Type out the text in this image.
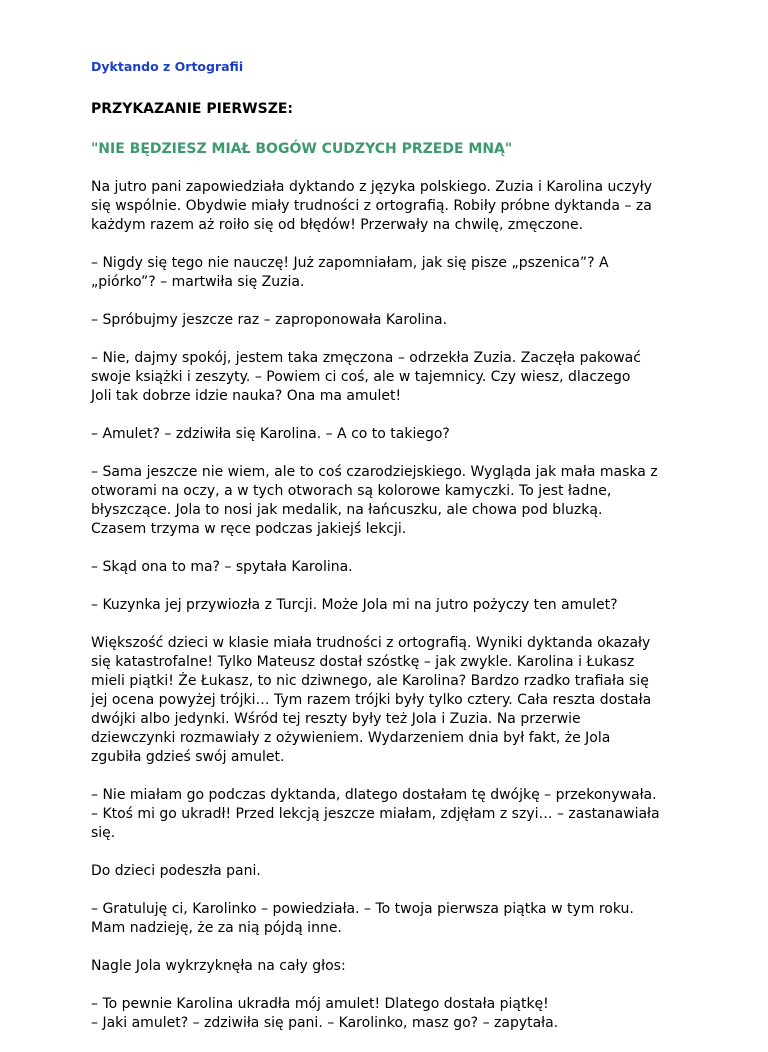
Dyktando z Ortografii
PRZYKAZANIE PIERWSZE:
"NIE BĘDZIESZ MIAŁ BOGÓW CUDZYCH PRZEDE MNĄ"
Na jutro pani zapowiedziała dyktando z języka polskiego. Zuzia i Karolina uczyły
się wspólnie. Obydwie miały trudności z ortografią. Robiły próbne dyktanda – za
każdym razem aż roiło się od błędów! Przerwały na chwilę, zmęczone.
– Nigdy się tego nie nauczę! Już zapomniałam, jak się pisze „pszenica”? A
„piórko”? – martwiła się Zuzia.
– Spróbujmy jeszcze raz – zaproponowała Karolina.
– Nie, dajmy spokój, jestem taka zmęczona – odrzekła Zuzia. Zaczęła pakować
swoje książki i zeszyty. – Powiem ci coś, ale w tajemnicy. Czy wiesz, dlaczego
Joli tak dobrze idzie nauka? Ona ma amulet!
– Amulet? – zdziwiła się Karolina. – A co to takiego?
– Sama jeszcze nie wiem, ale to coś czarodziejskiego. Wygląda jak mała maska z
otworami na oczy, a w tych otworach są kolorowe kamyczki. To jest ładne,
błyszczące. Jola to nosi jak medalik, na łańcuszku, ale chowa pod bluzką.
Czasem trzyma w ręce podczas jakiejś lekcji.
– Skąd ona to ma? – spytała Karolina.
– Kuzynka jej przywiozła z Turcji. Może Jola mi na jutro pożyczy ten amulet?
Większość dzieci w klasie miała trudności z ortografią. Wyniki dyktanda okazały
się katastrofalne! Tylko Mateusz dostał szóstkę – jak zwykle. Karolina i Łukasz
mieli piątki! Że Łukasz, to nic dziwnego, ale Karolina? Bardzo rzadko trafiała się
jej ocena powyżej trójki… Tym razem trójki były tylko cztery. Cała reszta dostała
dwójki albo jedynki. Wśród tej reszty były też Jola i Zuzia. Na przerwie
dziewczynki rozmawiały z ożywieniem. Wydarzeniem dnia był fakt, że Jola
zgubiła gdzieś swój amulet.
– Nie miałam go podczas dyktanda, dlatego dostałam tę dwójkę – przekonywała.
– Ktoś mi go ukradł! Przed lekcją jeszcze miałam, zdjęłam z szyi… – zastanawiała
się.
Do dzieci podeszła pani.
– Gratuluję ci, Karolinko – powiedziała. – To twoja pierwsza piątka w tym roku.
Mam nadzieję, że za nią pójdą inne.
Nagle Jola wykrzyknęła na cały głos:
– To pewnie Karolina ukradła mój amulet! Dlatego dostała piątkę!
– Jaki amulet? – zdziwiła się pani. – Karolinko, masz go? – zapytała.
